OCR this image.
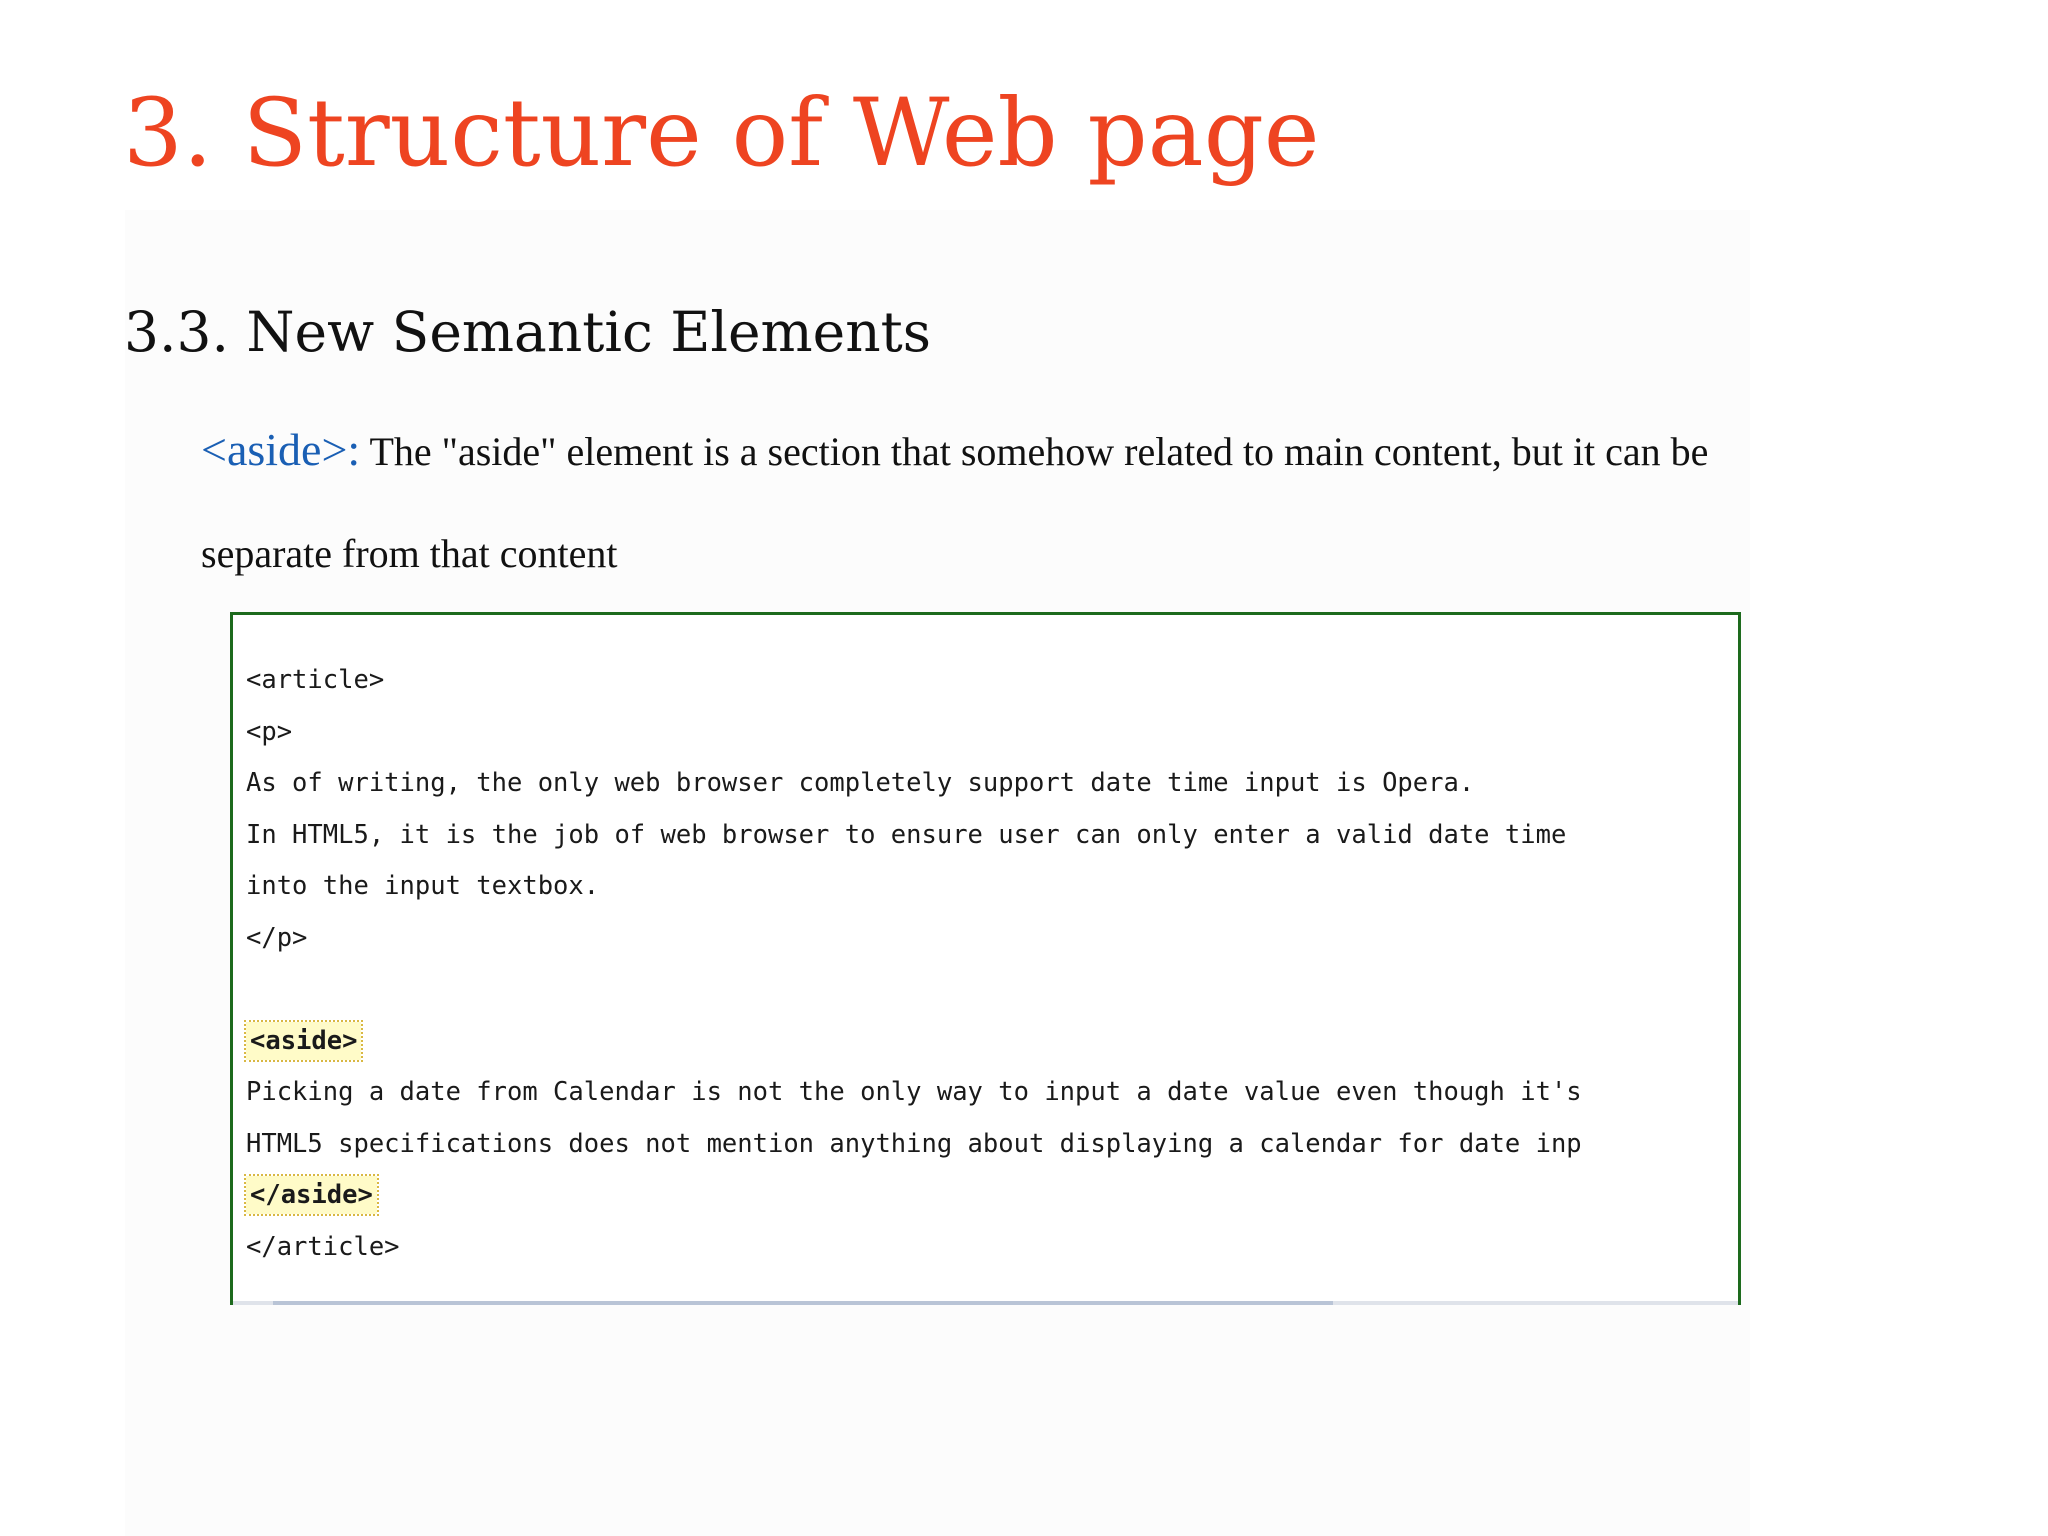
3. Structure of Web page
3.3. New Semantic Elements

<aside>: The "aside" element is a section that somehow related to main content, but it can be
separate from that content

<article>
<p>
As of writing, the only web browser completely support date time input is Opera.
In HTML5, it is the job of web browser to ensure user can only enter a valid date time
into the input textbox.
</p>

<aside>
Picking a date from Calendar is not the only way to input a date value even though it's
HTML5 specifications does not mention anything about displaying a calendar for date inp
</aside>
</article>
